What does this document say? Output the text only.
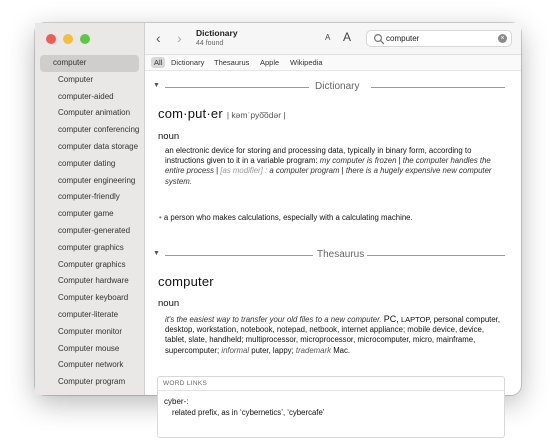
computer
Computer
computer-aided
Computer animation
computer conferencing
computer data storage
computer dating
computer engineering
computer-friendly
computer game
computer-generated
computer graphics
Computer graphics
Computer hardware
Computer keyboard
computer-literate
Computer monitor
Computer mouse
Computer network
Computer program
‹ › Dictionary
44 found
A A
computer	×
All	Dictionary	Thesaurus	Apple	Wikipedia
▼	Dictionary
com·put·er | kəmˈpyo͞odər |
noun
an electronic device for storing and processing data, typically in binary form, according to instructions given to it in a variable program: my computer is frozen | the computer handles the entire process | [as modifier] : a computer program | there is a hugely expensive new computer system.
• a person who makes calculations, especially with a calculating machine.
▼	Thesaurus
computer
noun
it's the easiest way to transfer your old files to a new computer. PC, LAPTOP, personal computer, desktop, workstation, notebook, notepad, netbook, internet appliance; mobile device, device, tablet, slate, handheld; multiprocessor, microprocessor, microcomputer, micro, mainframe, supercomputer; informal puter, lappy; trademark Mac.
WORD LINKS
cyber-:
related prefix, as in ‘cybernetics’, ‘cybercafe’
